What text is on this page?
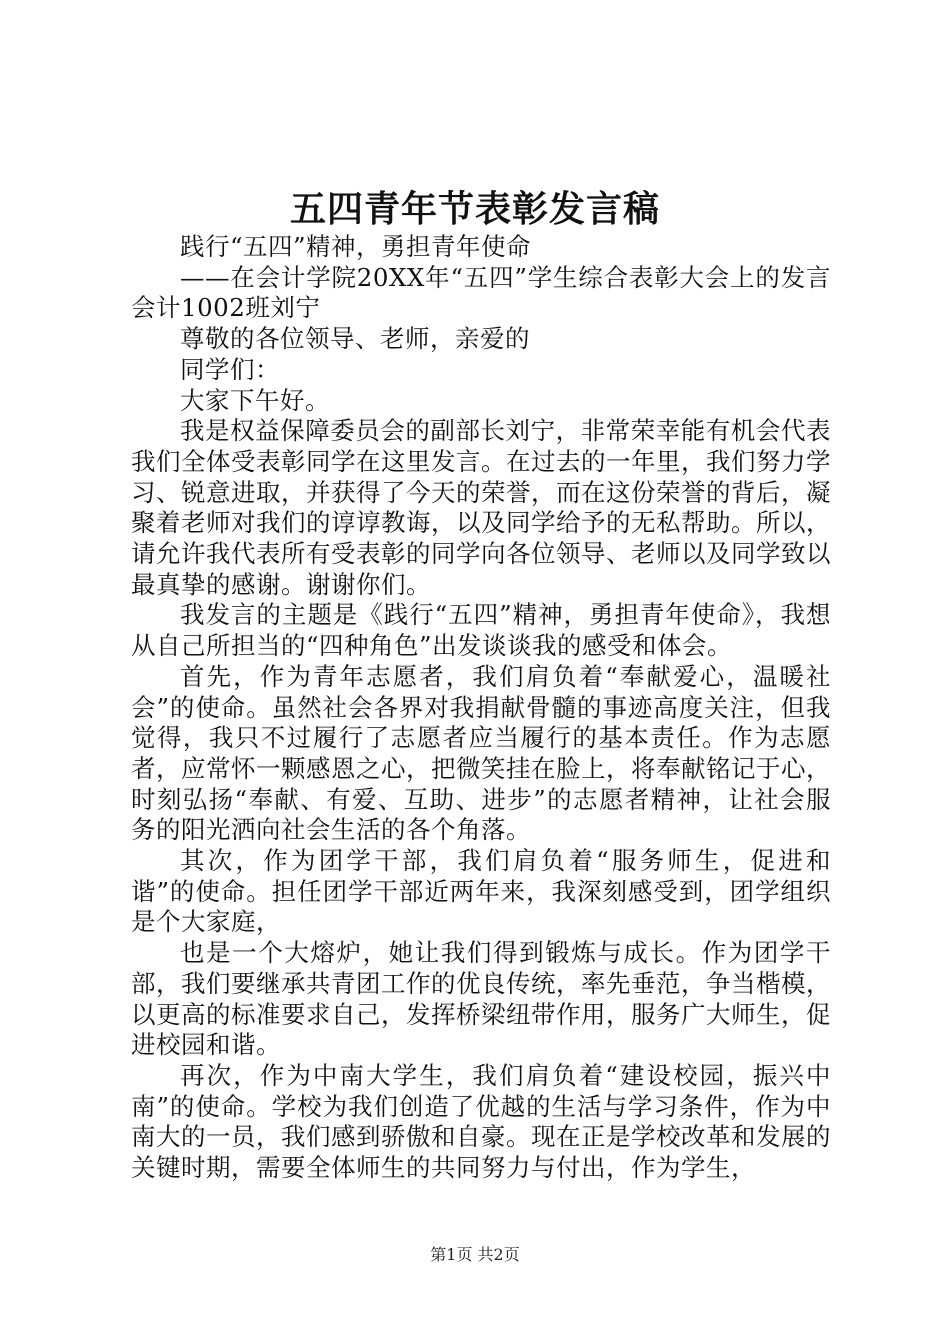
五四青年节表彰发言稿

践行“五四”精神，勇担青年使命

——在会计学院20XX年“五四”学生综合表彰大会上的发言会计1002班刘宁

尊敬的各位领导、老师，亲爱的

同学们：

大家下午好。

我是权益保障委员会的副部长刘宁，非常荣幸能有机会代表我们全体受表彰同学在这里发言。在过去的一年里，我们努力学习、锐意进取，并获得了今天的荣誉，而在这份荣誉的背后，凝聚着老师对我们的谆谆教诲，以及同学给予的无私帮助。所以，请允许我代表所有受表彰的同学向各位领导、老师以及同学致以最真挚的感谢。谢谢你们。

我发言的主题是《践行“五四”精神，勇担青年使命》，我想从自己所担当的“四种角色”出发谈谈我的感受和体会。

首先，作为青年志愿者，我们肩负着“奉献爱心，温暖社会”的使命。虽然社会各界对我捐献骨髓的事迹高度关注，但我觉得，我只不过履行了志愿者应当履行的基本责任。作为志愿者，应常怀一颗感恩之心，把微笑挂在脸上，将奉献铭记于心，时刻弘扬“奉献、有爱、互助、进步”的志愿者精神，让社会服务的阳光洒向社会生活的各个角落。

其次，作为团学干部，我们肩负着“服务师生，促进和谐”的使命。担任团学干部近两年来，我深刻感受到，团学组织是个大家庭，

也是一个大熔炉，她让我们得到锻炼与成长。作为团学干部，我们要继承共青团工作的优良传统，率先垂范，争当楷模，以更高的标准要求自己，发挥桥梁纽带作用，服务广大师生，促进校园和谐。

再次，作为中南大学生，我们肩负着“建设校园，振兴中南”的使命。学校为我们创造了优越的生活与学习条件，作为中南大的一员，我们感到骄傲和自豪。现在正是学校改革和发展的关键时期，需要全体师生的共同努力与付出，作为学生，

第1页 共2页
